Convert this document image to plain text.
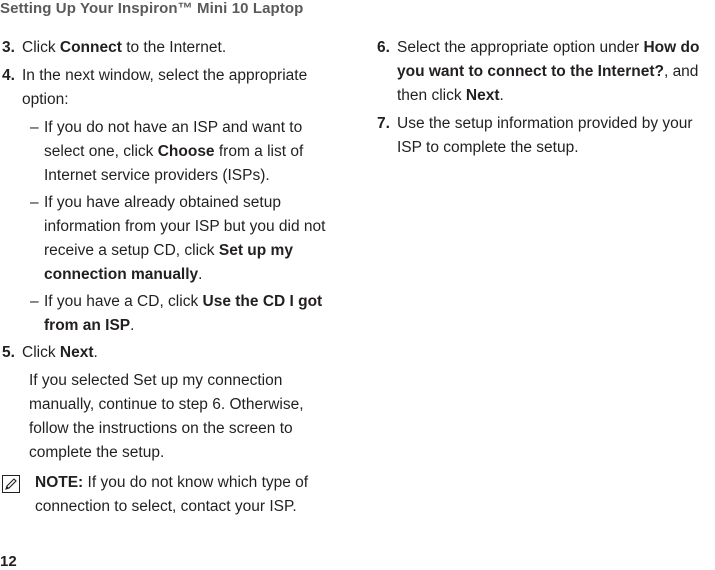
Setting Up Your Inspiron™ Mini 10 Laptop
3. Click Connect to the Internet.
4. In the next window, select the appropriate option:
– If you do not have an ISP and want to select one, click Choose from a list of Internet service providers (ISPs).
– If you have already obtained setup information from your ISP but you did not receive a setup CD, click Set up my connection manually.
– If you have a CD, click Use the CD I got from an ISP.
5. Click Next.
If you selected Set up my connection manually, continue to step 6. Otherwise, follow the instructions on the screen to complete the setup.
NOTE: If you do not know which type of connection to select, contact your ISP.
6. Select the appropriate option under How do you want to connect to the Internet?, and then click Next.
7. Use the setup information provided by your ISP to complete the setup.
12
